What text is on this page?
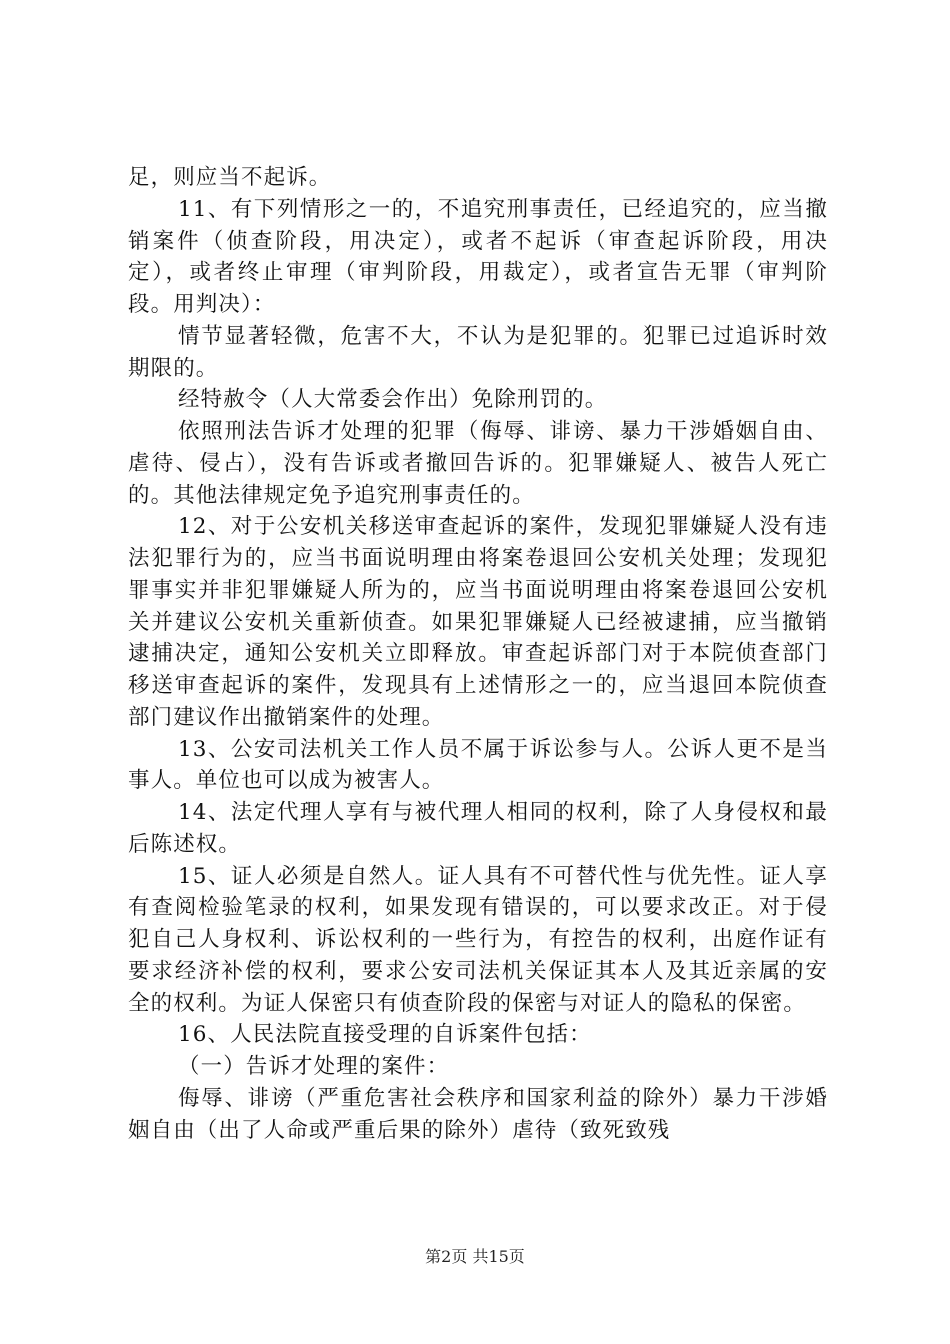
足，则应当不起诉。

11、有下列情形之一的，不追究刑事责任，已经追究的，应当撤销案件（侦查阶段，用决定），或者不起诉（审查起诉阶段，用决定），或者终止审理（审判阶段，用裁定），或者宣告无罪（审判阶段。用判决）：

情节显著轻微，危害不大，不认为是犯罪的。犯罪已过追诉时效期限的。

经特赦令（人大常委会作出）免除刑罚的。

依照刑法告诉才处理的犯罪（侮辱、诽谤、暴力干涉婚姻自由、虐待、侵占），没有告诉或者撤回告诉的。犯罪嫌疑人、被告人死亡的。其他法律规定免予追究刑事责任的。

12、对于公安机关移送审查起诉的案件，发现犯罪嫌疑人没有违法犯罪行为的，应当书面说明理由将案卷退回公安机关处理；发现犯罪事实并非犯罪嫌疑人所为的，应当书面说明理由将案卷退回公安机关并建议公安机关重新侦查。如果犯罪嫌疑人已经被逮捕，应当撤销逮捕决定，通知公安机关立即释放。审查起诉部门对于本院侦查部门移送审查起诉的案件，发现具有上述情形之一的，应当退回本院侦查部门建议作出撤销案件的处理。

13、公安司法机关工作人员不属于诉讼参与人。公诉人更不是当事人。单位也可以成为被害人。

14、法定代理人享有与被代理人相同的权利，除了人身侵权和最后陈述权。

15、证人必须是自然人。证人具有不可替代性与优先性。证人享有查阅检验笔录的权利，如果发现有错误的，可以要求改正。对于侵犯自己人身权利、诉讼权利的一些行为，有控告的权利，出庭作证有要求经济补偿的权利，要求公安司法机关保证其本人及其近亲属的安全的权利。为证人保密只有侦查阶段的保密与对证人的隐私的保密。

16、人民法院直接受理的自诉案件包括：

（一）告诉才处理的案件：

侮辱、诽谤（严重危害社会秩序和国家利益的除外）暴力干涉婚姻自由（出了人命或严重后果的除外）虐待（致死致残

第2页 共15页
